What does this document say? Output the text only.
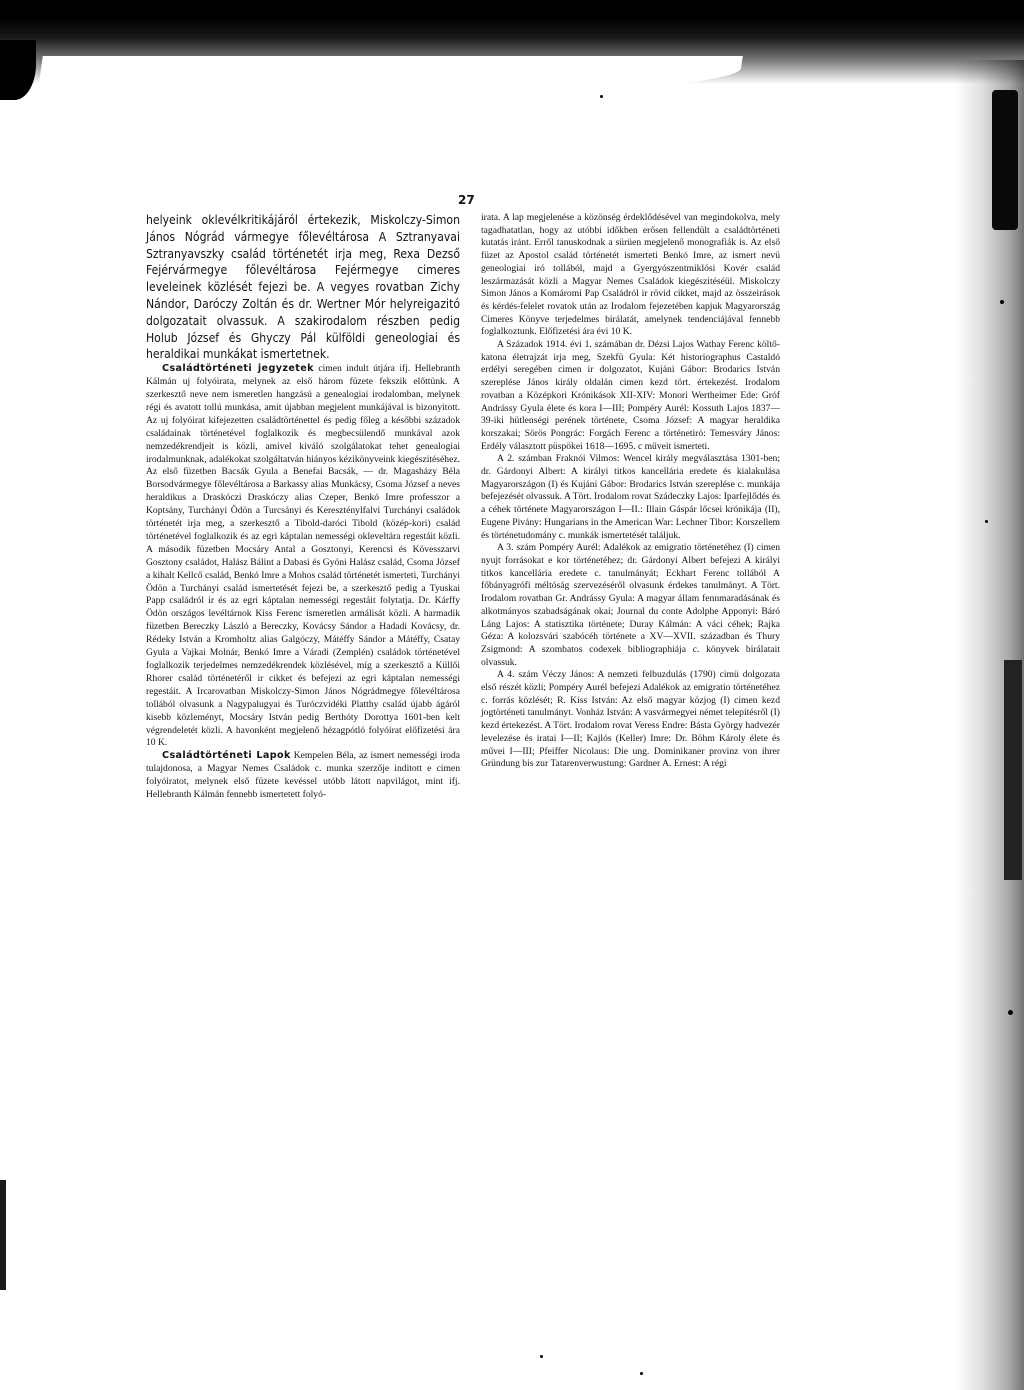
27

helyeink oklevélkritikájáról értekezik, Miskolczy-Simon János Nógrád vármegye főlevéltárosa A Sztranyavai Sztranyavszky család történetét irja meg, Rexa Dezső Fejérvármegye főlevéltárosa Fejérmegye cimeres leveleinek közlését fejezi be. A vegyes rovatban Zichy Nándor, Daróczy Zoltán és dr. Wertner Mór helyreigazitó dolgozatait olvassuk. A szakirodalom részben pedig Holub József és Ghyczy Pál külföldi geneologiai és heraldikai munkákat ismertetnek.

Családtörténeti jegyzetek cimen indult útjára ifj. Hellebranth Kálmán uj folyóirata, melynek az első három füzete fekszik előttünk. A szerkesztő neve nem ismeretlen hangzású a genealogiai irodalomban, melynek régi és avatott tollú munkása, amit újabban megjelent munkájával is bizonyitott. Az uj folyóirat kifejezetten családtörténettel és pedig főleg a későbbi századok családainak történetével foglalkozik és megbecsülendő munkával azok nemzedékrendjeit is közli, amivel kiváló szolgálatokat tehet genealogiai irodalmunknak, adalékokat szolgáltatván hiányos kézikönyveink kiegészitéséhez. Az első füzetben Bacsák Gyula a Benefai Bacsák, — dr. Magasházy Béla Borsodvármegye főlevéltárosa a Barkassy alias Munkácsy, Csoma József a neves heraldikus a Draskóczi Draskóczy alias Czeper, Benkó Imre professzor a Koptsány, Turchányi Ödön a Turcsányi és Kereszténylfalvi Turchányi családok történetét irja meg, a szerkesztő a Tibold-daróci Tibold (közép-kori) család történetével foglalkozik és az egri káptalan nemességi okleveltára regestáit közli. A második füzetben Mocsáry Antal a Gosztonyi, Kerencsi és Kövesszarvi Gosztony családot, Halász Bálint a Dabasi és Gyóni Halász család, Csoma József a kihalt Kellcő család, Benkó Imre a Mohos család történetét ismerteti, Turchányi Ödön a Turchányi család ismertetését fejezi be, a szerkesztő pedig a Tyuskai Papp családról ir és az egri káptalan nemességi regestáit folytatja. Dr. Kárffy Ödön országos levéltárnok Kiss Ferenc ismeretlen armálisát közli. A harmadik füzetben Bereczky László a Bereczky, Kovácsy Sándor a Hadadi Kovácsy, dr. Rédeky István a Kromholtz alias Galgóczy, Mátéffy Sándor a Mátéffy, Csatay Gyula a Vajkai Molnár, Benkó Imre a Váradi (Zemplén) családok történetével foglalkozik terjedelmes nemzedékrendek közlésével, míg a szerkesztő a Küllői Rhorer család történetéről ir cikket és befejezi az egri káptalan nemességi regestáit. A Ircarovatban Miskolczy-Simon János Nógrádmegye főlevéltárosa tollából olvasunk a Nagypalugyai és Turóczvidéki Platthy család újabb ágáról kisebb közleményt, Mocsáry István pedig Berthóty Dorottya 1601-ben kelt végrendeletét közli. A havonként megjelenő hézagpótló folyóirat előfizetési ára 10 K.

Családtörténeti Lapok Kempelen Béla, az ismert nemességi iroda tulajdonosa, a Magyar Nemes Családok c. munka szerzője inditott e cimen folyóiratot, melynek első füzete kevéssel utóbb látott napvilágot, mint ifj. Hellebranth Kálmán fennebb ismertetett folyó-

irata. A lap megjelenése a közönség érdeklődésével van megindokolva, mely tagadhatatlan, hogy az utóbbi időkben erősen fellendült a családtörténeti kutatás iránt. Erről tanuskodnak a sürüen megjelenő monografiák is. Az első füzet az Apostol család történetét ismerteti Benkó Imre, az ismert nevü geneologiai iró tollából, majd a Gyergyószentmiklósi Kovér család leszármazását közli a Magyar Nemes Családok kiegészitéséül. Miskolczy Simon János a Komáromi Pap Családról ir rövid cikket, majd az összeirások és kérdés-felelet rovatok után az Irodalom fejezetében kapjuk Magyarország Cimeres Könyve terjedelmes birálatát, amelynek tendenciájával fennebb foglalkoztunk. Előfizetési ára évi 10 K.

A Századok 1914. évi 1. számában dr. Dézsi Lajos Wathay Ferenc költő-katona életrajzát irja meg, Szekfü Gyula: Két historiographus Castaldó erdélyi seregében cimen ir dolgozatot, Kujáni Gábor: Brodarics István szereplése János király oldalán cimen kezd tört. értekezést. Irodalom rovatban a Középkori Krónikások XII-XIV: Monori Wertheimer Ede: Gróf Andrássy Gyula élete és kora I—III; Pompéry Aurél: Kossuth Lajos 1837—39-iki hütlenségi perének története, Csoma József: A magyar heraldika korszakai; Sörös Pongrác: Forgách Ferenc a történetiró: Temesváry János: Erdély választott püspökei 1618—1695. c műveit ismerteti.

A 2. számban Fraknói Vilmos: Wencel király megválasztása 1301-ben; dr. Gárdonyi Albert: A királyi titkos kancellária eredete és kialakulása Magyarországon (I) és Kujáni Gábor: Brodarics István szereplése c. munkája befejezését olvassuk. A Tört. Irodalom rovat Szádeczky Lajos: Iparfejlődés és a céhek története Magyarországon I—II.: Illain Gáspár lőcsei krónikája (II), Eugene Pivány: Hungarians in the American War: Lechner Tibor: Korszellem és történetudomány c. munkák ismertetését találjuk.

A 3. szám Pompéry Aurél: Adalékok az emigratio történetéhez (I) cimen nyujt forrásokat e kor történetéhez; dr. Gárdonyi Albert befejezi A királyi titkos kancellária eredete c. tanulmányát; Eckhart Ferenc tollából A főbányagrófi méltóság szervezéséről olvasunk érdekes tanulmányt. A Tört. Irodalom rovatban Gr. Andrássy Gyula: A magyar állam fennmaradásának és alkotmányos szabadságának okai; Journal du conte Adolphe Apponyi: Báró Láng Lajos: A statisztika története; Duray Kálmán: A váci céhek; Rajka Géza: A kolozsvári szabócéh története a XV—XVII. században és Thury Zsigmond: A szombatos codexek bibliographiája c. könyvek birálatait olvassuk.

A 4. szám Véczy János: A nemzeti felbuzdulás (1790) cimü dolgozata első részét közli; Pompéry Aurél befejezi Adalékok az emigratio történetéhez c. forrás közlését; R. Kiss István: Az első magyar közjog (I) cimen kezd jogtörténeti tanulmányt. Vonház István: A vasvármegyei német telepitésről (I) kezd értekezést. A Tört. Irodalom rovat Veress Endre: Básta György hadvezér levelezése és iratai I—II; Kajlós (Keller) Imre: Dr. Böhm Károly élete és művei I—III; Pfeiffer Nicolaus: Die ung. Dominikaner provinz von ihrer Gründung bis zur Tatarenverwustung: Gardner A. Ernest: A régi
